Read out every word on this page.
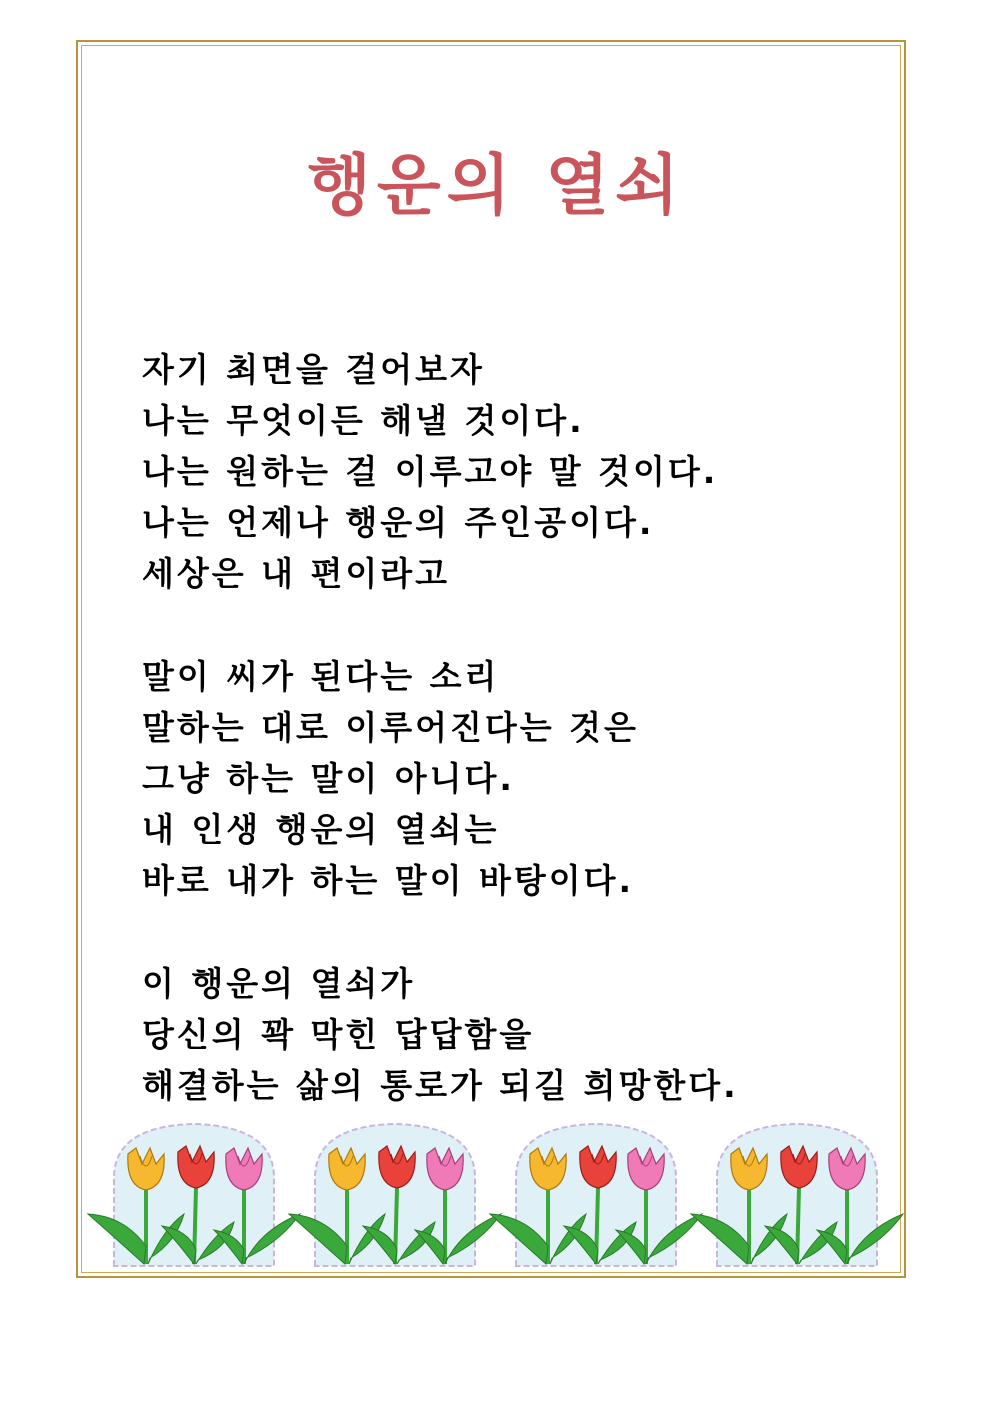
행운의 열쇠
자기 최면을 걸어보자
나는 무엇이든 해낼 것이다.
나는 원하는 걸 이루고야 말 것이다.
나는 언제나 행운의 주인공이다.
세상은 내 편이라고
말이 씨가 된다는 소리
말하는 대로 이루어진다는 것은
그냥 하는 말이 아니다.
내 인생 행운의 열쇠는
바로 내가 하는 말이 바탕이다.
이 행운의 열쇠가
당신의 꽉 막힌 답답함을
해결하는 삶의 통로가 되길 희망한다.
